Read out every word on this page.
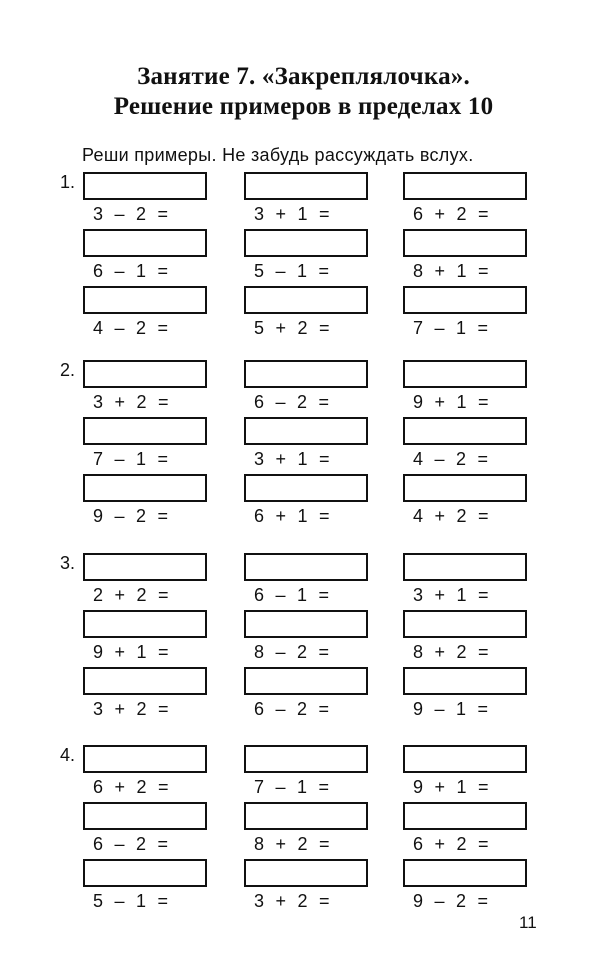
Занятие 7. «Закреплялочка».
Решение примеров в пределах 10
Реши примеры. Не забудь рассуждать вслух.
1.
3  –  2  =	3  +  1  =	6  +  2  =
6  –  1  =	5  –  1  =	8  +  1  =
4  –  2  =	5  +  2  =	7  –  1  =
2.
3  +  2  =	6  –  2  =	9  +  1  =
7  –  1  =	3  +  1  =	4  –  2  =
9  –  2  =	6  +  1  =	4  +  2  =
3.
2  +  2  =	6  –  1  =	3  +  1  =
9  +  1  =	8  –  2  =	8  +  2  =
3  +  2  =	6  –  2  =	9  –  1  =
4.
6  +  2  =	7  –  1  =	9  +  1  =
6  –  2  =	8  +  2  =	6  +  2  =
5  –  1  =	3  +  2  =	9  –  2  =
11
